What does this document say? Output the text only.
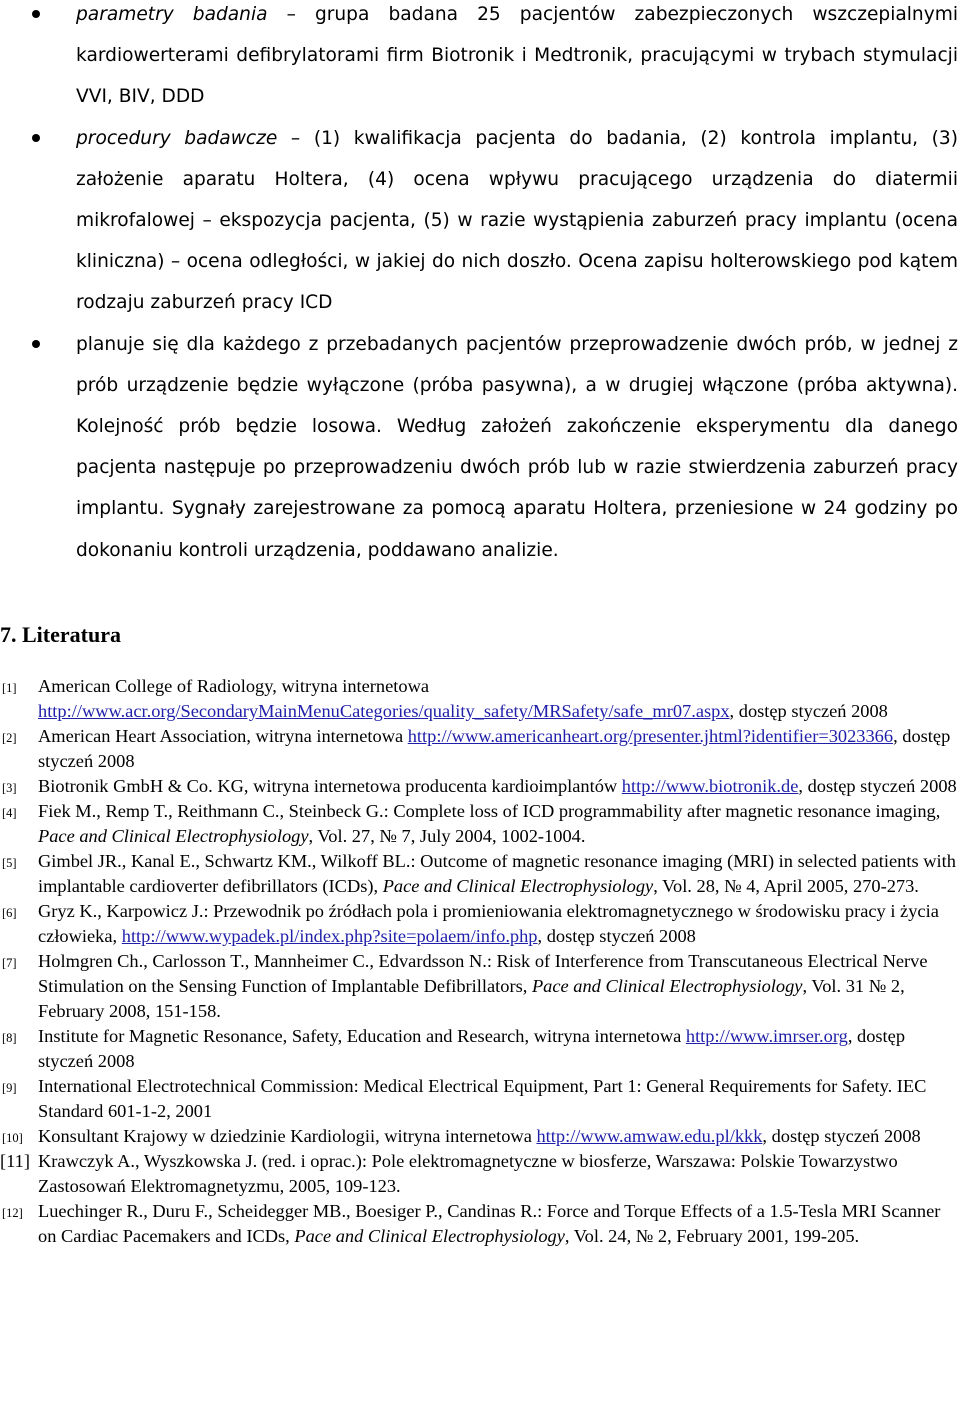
parametry badania – grupa badana 25 pacjentów zabezpieczonych wszczepialnymi kardiowerterami defibrylatorami firm Biotronik i Medtronik, pracującymi w trybach stymulacji VVI, BIV, DDD
procedury badawcze – (1) kwalifikacja pacjenta do badania, (2) kontrola implantu, (3) założenie aparatu Holtera, (4) ocena wpływu pracującego urządzenia do diatermii mikrofalowej – ekspozycja pacjenta, (5) w razie wystąpienia zaburzeń pracy implantu (ocena kliniczna) – ocena odległości, w jakiej do nich doszło. Ocena zapisu holterowskiego pod kątem rodzaju zaburzeń pracy ICD
planuje się dla każdego z przebadanych pacjentów przeprowadzenie dwóch prób, w jednej z prób urządzenie będzie wyłączone (próba pasywna), a w drugiej włączone (próba aktywna). Kolejność prób będzie losowa. Według założeń zakończenie eksperymentu dla danego pacjenta następuje po przeprowadzeniu dwóch prób lub w razie stwierdzenia zaburzeń pracy implantu. Sygnały zarejestrowane za pomocą aparatu Holtera, przeniesione w 24 godziny po dokonaniu kontroli urządzenia, poddawano analizie.
7. Literatura
[1] American College of Radiology, witryna internetowa http://www.acr.org/SecondaryMainMenuCategories/quality_safety/MRSafety/safe_mr07.aspx, dostęp styczeń 2008
[2] American Heart Association, witryna internetowa http://www.americanheart.org/presenter.jhtml?identifier=3023366, dostęp styczeń 2008
[3] Biotronik GmbH & Co. KG, witryna internetowa producenta kardioimplantów http://www.biotronik.de, dostęp styczeń 2008
[4] Fiek M., Remp T., Reithmann C., Steinbeck G.: Complete loss of ICD programmability after magnetic resonance imaging, Pace and Clinical Electrophysiology, Vol. 27, № 7, July 2004, 1002-1004.
[5] Gimbel JR., Kanal E., Schwartz KM., Wilkoff BL.: Outcome of magnetic resonance imaging (MRI) in selected patients with implantable cardioverter defibrillators (ICDs), Pace and Clinical Electrophysiology, Vol. 28, № 4, April 2005, 270-273.
[6] Gryz K., Karpowicz J.: Przewodnik po źródłach pola i promieniowania elektromagnetycznego w środowisku pracy i życia człowieka, http://www.wypadek.pl/index.php?site=polaem/info.php, dostęp styczeń 2008
[7] Holmgren Ch., Carlosson T., Mannheimer C., Edvardsson N.: Risk of Interference from Transcutaneous Electrical Nerve Stimulation on the Sensing Function of Implantable Defibrillators, Pace and Clinical Electrophysiology, Vol. 31 № 2, February 2008, 151-158.
[8] Institute for Magnetic Resonance, Safety, Education and Research, witryna internetowa http://www.imrser.org, dostęp styczeń 2008
[9] International Electrotechnical Commission: Medical Electrical Equipment, Part 1: General Requirements for Safety. IEC Standard 601-1-2, 2001
[10] Konsultant Krajowy w dziedzinie Kardiologii, witryna internetowa http://www.amwaw.edu.pl/kkk, dostęp styczeń 2008
[11] Krawczyk A., Wyszkowska J. (red. i oprac.): Pole elektromagnetyczne w biosferze, Warszawa: Polskie Towarzystwo Zastosowań Elektromagnetyzmu, 2005, 109-123.
[12] Luechinger R., Duru F., Scheidegger MB., Boesiger P., Candinas R.: Force and Torque Effects of a 1.5-Tesla MRI Scanner on Cardiac Pacemakers and ICDs, Pace and Clinical Electrophysiology, Vol. 24, № 2, February 2001, 199-205.
